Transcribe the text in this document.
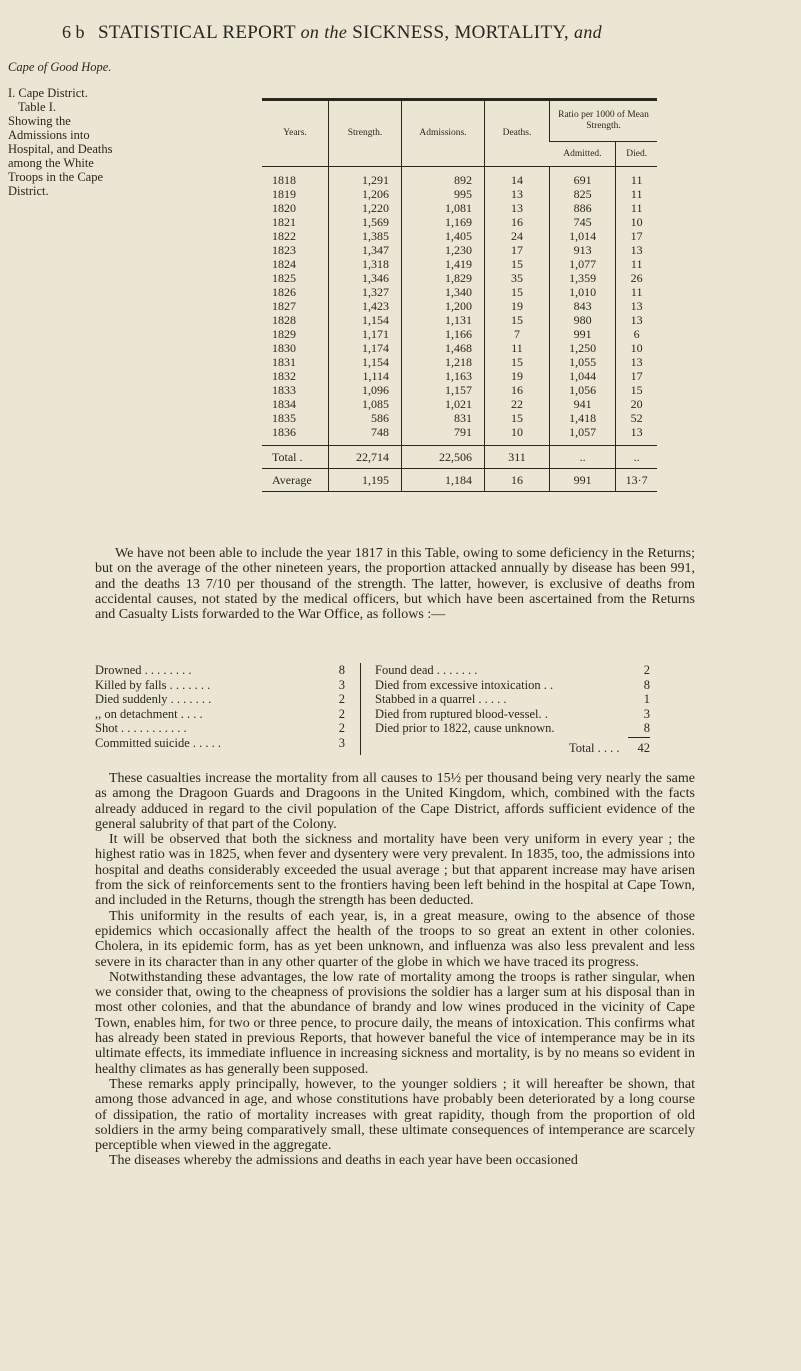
6 b STATISTICAL REPORT on the SICKNESS, MORTALITY, and
Cape of Good Hope.
I. Cape District.
Table I.
Showing the Admissions into Hospital, and Deaths among the White Troops in the Cape District.
Years.	Strength.	Admissions.	Deaths.	Ratio per 1000 of Mean Strength.	
				Admitted.	Died.

1818	1,291	892	14	691	11
1819	1,206	995	13	825	11
1820	1,220	1,081	13	886	11
1821	1,569	1,169	16	745	10
1822	1,385	1,405	24	1,014	17
1823	1,347	1,230	17	913	13
1824	1,318	1,419	15	1,077	11
1825	1,346	1,829	35	1,359	26
1826	1,327	1,340	15	1,010	11
1827	1,423	1,200	19	843	13
1828	1,154	1,131	15	980	13
1829	1,171	1,166	7	991	6
1830	1,174	1,468	11	1,250	10
1831	1,154	1,218	15	1,055	13
1832	1,114	1,163	19	1,044	17
1833	1,096	1,157	16	1,056	15
1834	1,085	1,021	22	941	20
1835	586	831	15	1,418	52
1836	748	791	10	1,057	13

Total .	22,714	22,506	311	..	..
Average	1,195	1,184	16	991	13·7
We have not been able to include the year 1817 in this Table, owing to some deficiency in the Returns; but on the average of the other nineteen years, the proportion attacked annually by disease has been 991, and the deaths 13 7/10 per thousand of the strength. The latter, however, is exclusive of deaths from accidental causes, not stated by the medical officers, but which have been ascertained from the Returns and Casualty Lists forwarded to the War Office, as follows :—
Drowned . . . . . . . .	8
Killed by falls . . . . . . .	3
Died suddenly . . . . . . .	2
,, on detachment . . . .	2
Shot . . . . . . . . . . .	2
Committed suicide . . . . .	3
Found dead . . . . . . .	2
Died from excessive intoxication . .	8
Stabbed in a quarrel . . . . .	1
Died from ruptured blood-vessel. .	3
Died prior to 1822, cause unknown.	8
Total . . . . 42

These casualties increase the mortality from all causes to 15½ per thousand being very nearly the same as among the Dragoon Guards and Dragoons in the United Kingdom, which, combined with the facts already adduced in regard to the civil population of the Cape District, affords sufficient evidence of the general salubrity of that part of the Colony.

It will be observed that both the sickness and mortality have been very uniform in every year ; the highest ratio was in 1825, when fever and dysentery were very prevalent. In 1835, too, the admissions into hospital and deaths considerably exceeded the usual average ; but that apparent increase may have arisen from the sick of reinforcements sent to the frontiers having been left behind in the hospital at Cape Town, and included in the Returns, though the strength has been deducted.

This uniformity in the results of each year, is, in a great measure, owing to the absence of those epidemics which occasionally affect the health of the troops to so great an extent in other colonies. Cholera, in its epidemic form, has as yet been unknown, and influenza was also less prevalent and less severe in its character than in any other quarter of the globe in which we have traced its progress.

Notwithstanding these advantages, the low rate of mortality among the troops is rather singular, when we consider that, owing to the cheapness of provisions the soldier has a larger sum at his disposal than in most other colonies, and that the abundance of brandy and low wines produced in the vicinity of Cape Town, enables him, for two or three pence, to procure daily, the means of intoxication. This confirms what has already been stated in previous Reports, that however baneful the vice of intemperance may be in its ultimate effects, its immediate influence in increasing sickness and mortality, is by no means so evident in healthy climates as has generally been supposed.

These remarks apply principally, however, to the younger soldiers ; it will hereafter be shown, that among those advanced in age, and whose constitutions have probably been deteriorated by a long course of dissipation, the ratio of mortality increases with great rapidity, though from the proportion of old soldiers in the army being comparatively small, these ultimate consequences of intemperance are scarcely perceptible when viewed in the aggregate.

The diseases whereby the admissions and deaths in each year have been occasioned
